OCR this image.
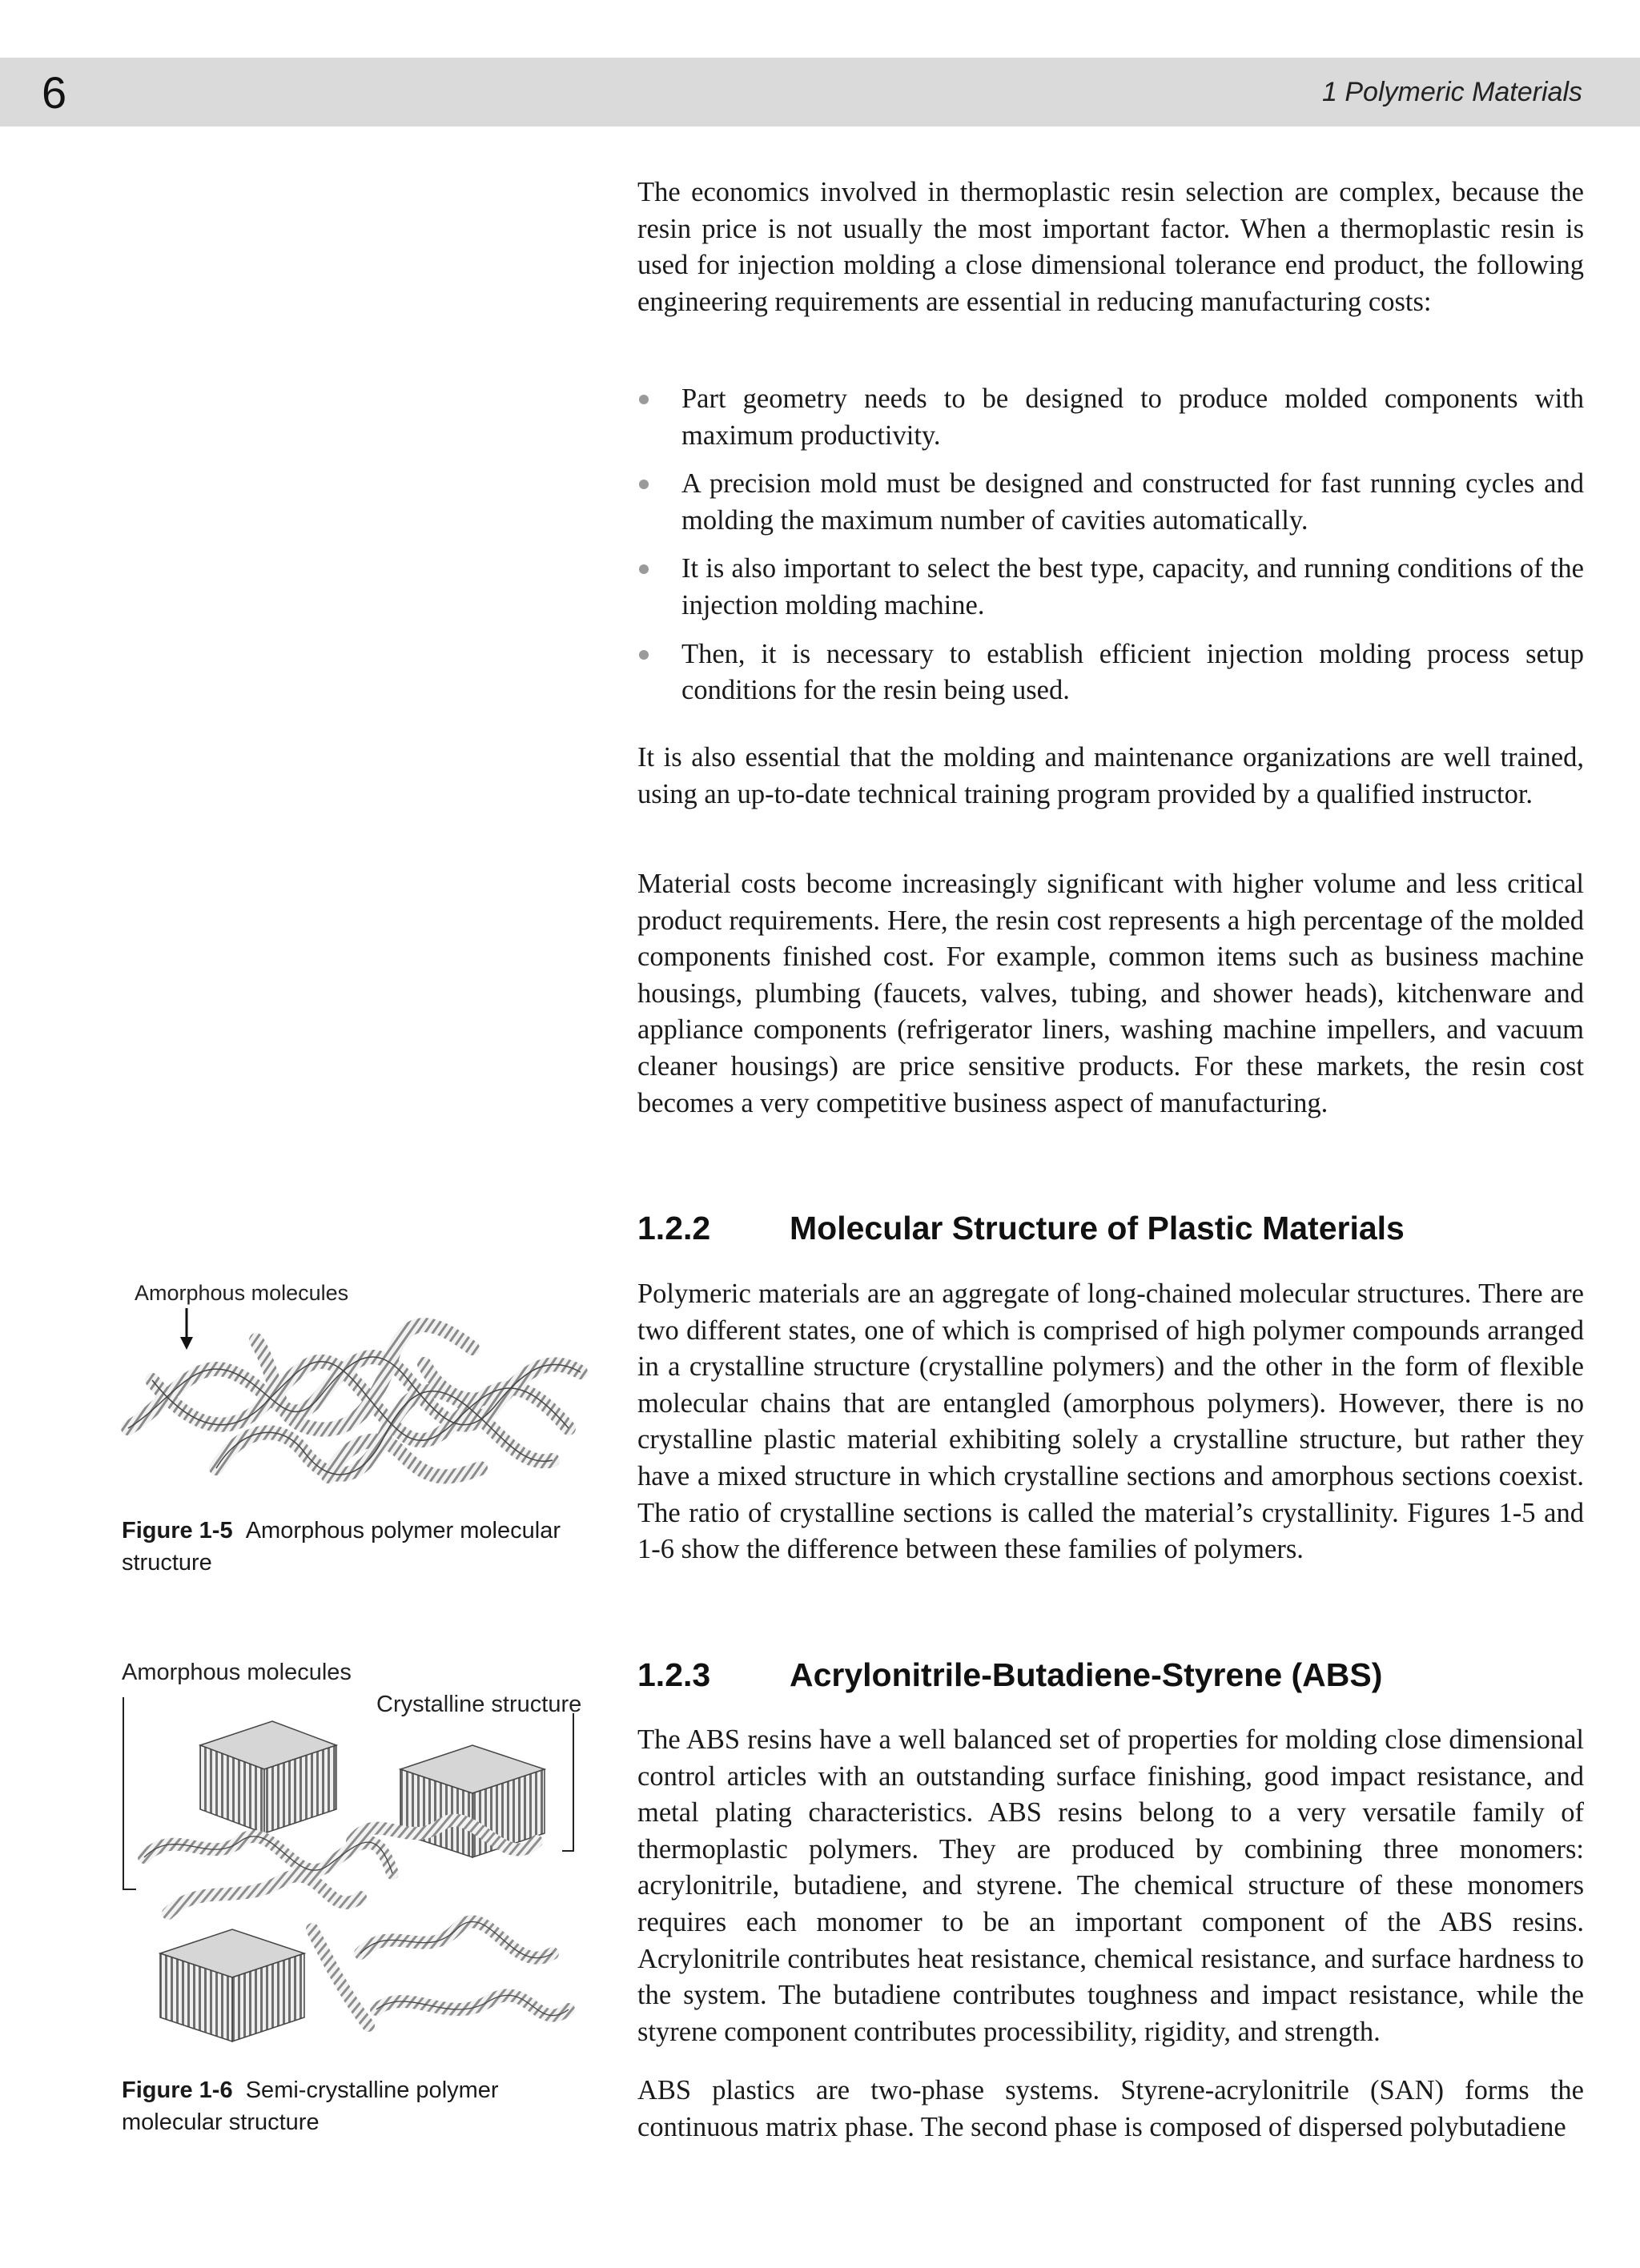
6	1 Polymeric Materials

The economics involved in thermoplastic resin selection are complex, because the resin price is not usually the most important factor. When a thermoplastic resin is used for injection molding a close dimensional tolerance end product, the following engineering requirements are essential in reducing manufacturing costs:

Part geometry needs to be designed to produce molded components with maximum productivity.
A precision mold must be designed and constructed for fast running cycles and molding the maximum number of cavities automatically.
It is also important to select the best type, capacity, and running conditions of the injection molding machine.
Then, it is necessary to establish efficient injection molding process setup conditions for the resin being used.

It is also essential that the molding and maintenance organizations are well trained, using an up-to-date technical training program provided by a qualified instructor.

Material costs become increasingly significant with higher volume and less critical product requirements. Here, the resin cost represents a high percentage of the molded components finished cost. For example, common items such as business machine housings, plumbing (faucets, valves, tubing, and shower heads), kitchenware and appliance components (refrigerator liners, washing machine impellers, and vacuum cleaner housings) are price sensitive products. For these markets, the resin cost becomes a very competitive business aspect of manufacturing.

1.2.2 Molecular Structure of Plastic Materials

Polymeric materials are an aggregate of long-chained molecular structures. There are two different states, one of which is comprised of high polymer compounds arranged in a crystalline structure (crystalline polymers) and the other in the form of flexible molecular chains that are entangled (amorphous polymers). However, there is no crystalline plastic material exhibiting solely a crystalline structure, but rather they have a mixed structure in which crystalline sections and amorphous sections coexist. The ratio of crystalline sections is called the material’s crystallinity. Figures 1-5 and 1-6 show the difference between these families of polymers.

1.2.3 Acrylonitrile-Butadiene-Styrene (ABS)

The ABS resins have a well balanced set of properties for molding close dimensional control articles with an outstanding surface finishing, good impact resistance, and metal plating characteristics. ABS resins belong to a very versatile family of thermoplastic polymers. They are produced by combining three monomers: acrylonitrile, butadiene, and styrene. The chemical structure of these monomers requires each monomer to be an important component of the ABS resins. Acrylonitrile contributes heat resistance, chemical resistance, and surface hardness to the system. The butadiene contributes toughness and impact resistance, while the styrene component contributes processibility, rigidity, and strength.

ABS plastics are two-phase systems. Styrene-acrylonitrile (SAN) forms the continuous matrix phase. The second phase is composed of dispersed polybutadiene

Amorphous molecules
Figure 1-5 Amorphous polymer molecular structure
Amorphous molecules
Crystalline structure
Figure 1-6 Semi-crystalline polymer molecular structure
